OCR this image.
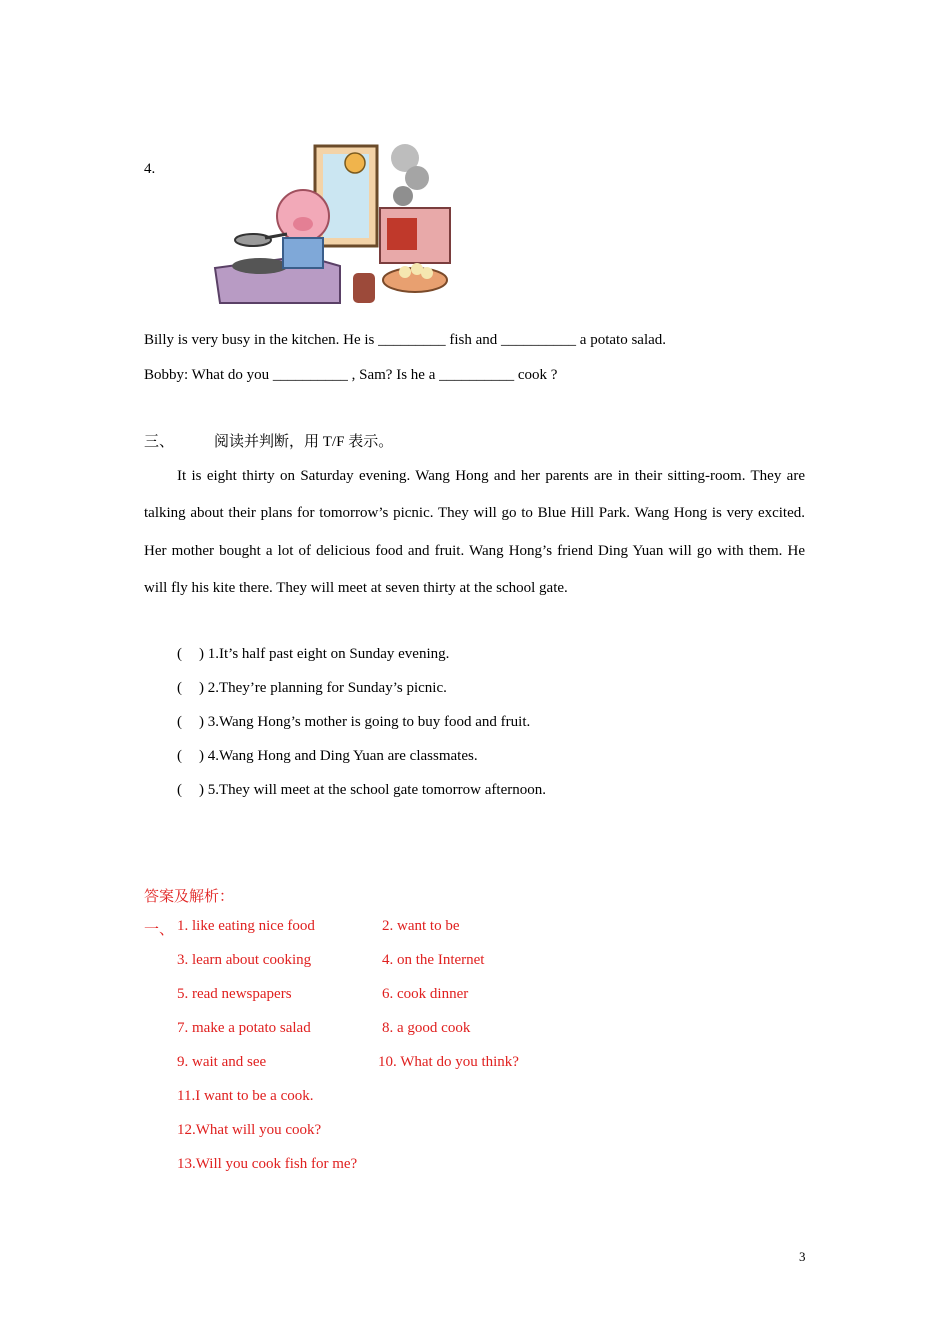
4.
Billy is very busy in the kitchen. He is _________ fish and __________ a potato salad.
Bobby: What do you __________ , Sam? Is he a __________ cook ?
三、	阅读并判断，用 T/F 表示。
It is eight thirty on Saturday evening. Wang Hong and her parents are in their sitting-room. They are talking about their plans for tomorrow’s picnic. They will go to Blue Hill Park. Wang Hong is very excited. Her mother bought a lot of delicious food and fruit. Wang Hong’s friend Ding Yuan will go with them. He will fly his kite there. They will meet at seven thirty at the school gate.
( ) 1.It’s half past eight on Sunday evening.
( ) 2.They’re planning for Sunday’s picnic.
( ) 3.Wang Hong’s mother is going to buy food and fruit.
( ) 4.Wang Hong and Ding Yuan are classmates.
( ) 5.They will meet at the school gate tomorrow afternoon.
答案及解析：
一、 1. like eating nice food	2. want to be
3. learn about cooking	4. on the Internet
5. read newspapers	6. cook dinner
7. make a potato salad	8. a good cook
9. wait and see	10. What do you think?
11.I want to be a cook.
12.What will you cook?
13.Will you cook fish for me?
3
